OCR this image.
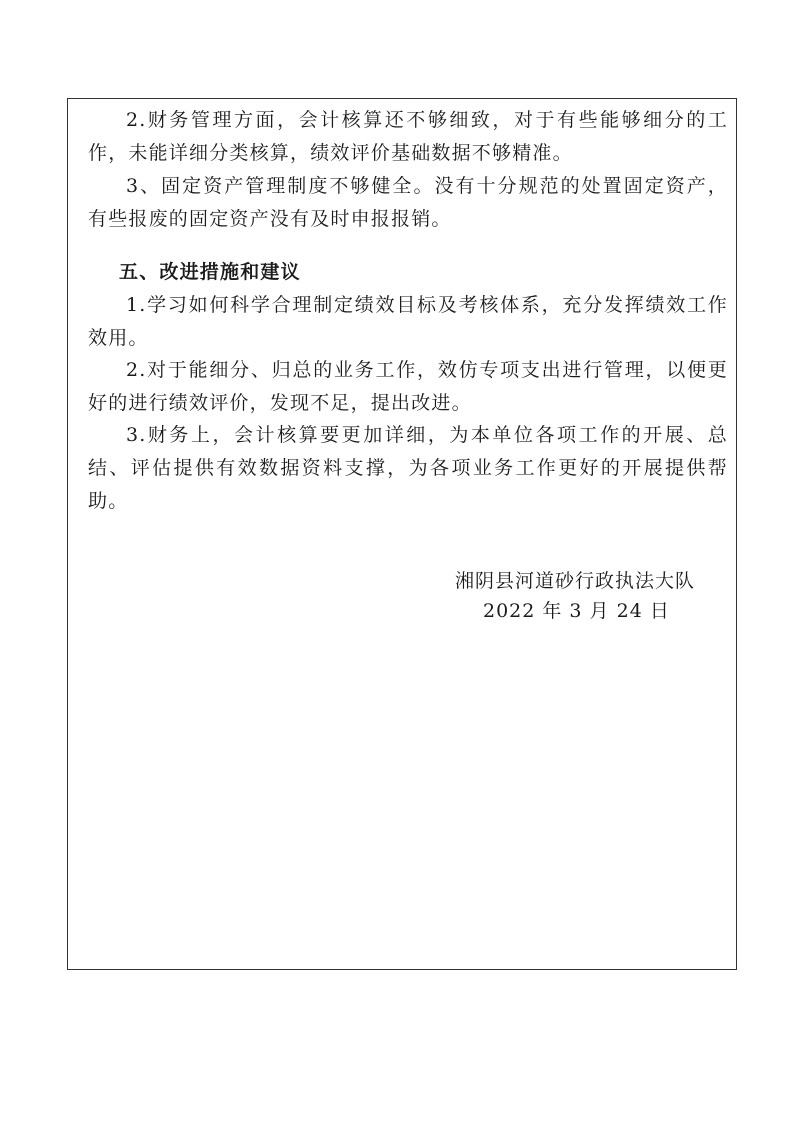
2.财务管理方面，会计核算还不够细致，对于有些能够细分的工作，未能详细分类核算，绩效评价基础数据不够精准。

3、固定资产管理制度不够健全。没有十分规范的处置固定资产， 有些报废的固定资产没有及时申报报销。

五、改进措施和建议

1.学习如何科学合理制定绩效目标及考核体系，充分发挥绩效工作效用。

2.对于能细分、归总的业务工作，效仿专项支出进行管理，以便更好的进行绩效评价，发现不足，提出改进。

3.财务上，会计核算要更加详细，为本单位各项工作的开展、总结、评估提供有效数据资料支撑，为各项业务工作更好的开展提供帮助。

湘阴县河道砂行政执法大队

2022 年 3 月 24 日
